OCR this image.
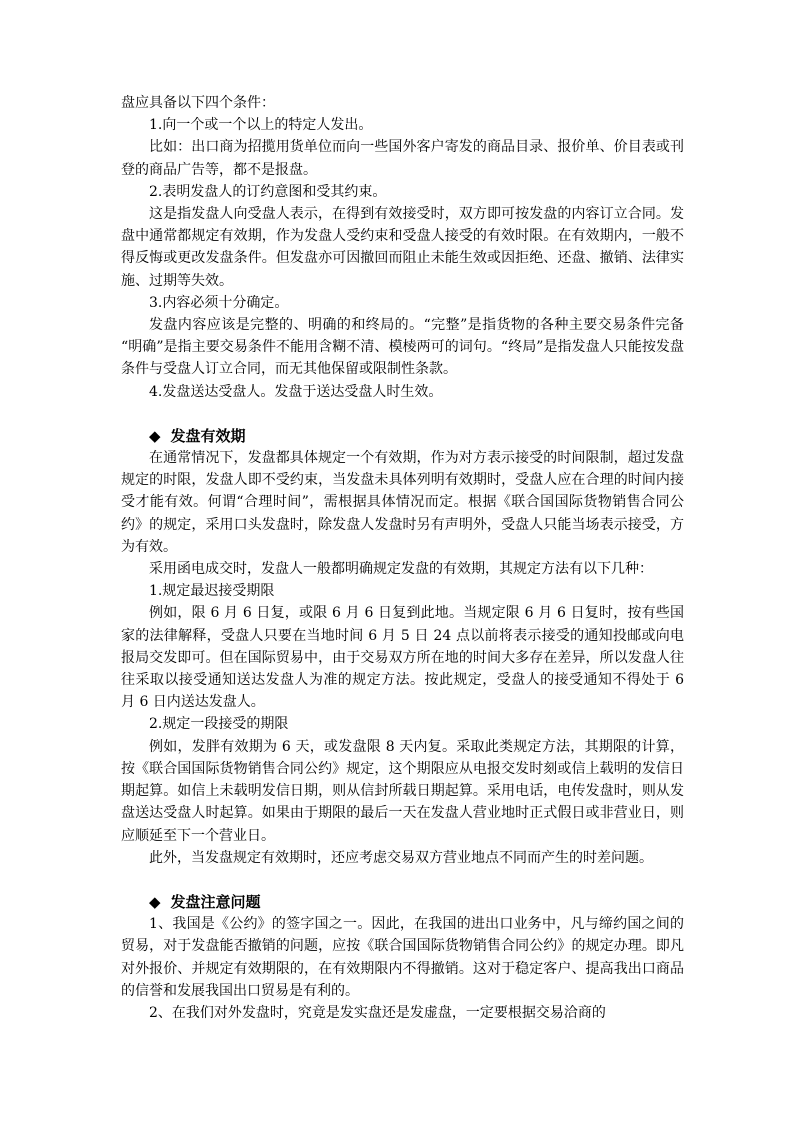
盘应具备以下四个条件：

1.向一个或一个以上的特定人发出。

比如：出口商为招揽用货单位而向一些国外客户寄发的商品目录、报价单、价目表或刊登的商品广告等，都不是报盘。

2.表明发盘人的订约意图和受其约束。

这是指发盘人向受盘人表示，在得到有效接受时，双方即可按发盘的内容订立合同。发盘中通常都规定有效期，作为发盘人受约束和受盘人接受的有效时限。在有效期内，一般不得反悔或更改发盘条件。但发盘亦可因撤回而阻止未能生效或因拒绝、还盘、撤销、法律实施、过期等失效。

3.内容必须十分确定。

发盘内容应该是完整的、明确的和终局的。“完整”是指货物的各种主要交易条件完备 “明确”是指主要交易条件不能用含糊不清、模棱两可的词句。“终局”是指发盘人只能按发盘条件与受盘人订立合同，而无其他保留或限制性条款。

4.发盘送达受盘人。发盘于送达受盘人时生效。

◆ 发盘有效期

在通常情况下，发盘都具体规定一个有效期，作为对方表示接受的时间限制，超过发盘规定的时限，发盘人即不受约束，当发盘未具体列明有效期时，受盘人应在合理的时间内接受才能有效。何谓“合理时间”，需根据具体情况而定。根据《联合国国际货物销售合同公约》的规定，采用口头发盘时，除发盘人发盘时另有声明外，受盘人只能当场表示接受，方为有效。

采用函电成交时，发盘人一般都明确规定发盘的有效期，其规定方法有以下几种：

1.规定最迟接受期限

例如，限 6 月 6 日复，或限 6 月 6 日复到此地。当规定限 6 月 6 日复时，按有些国家的法律解释，受盘人只要在当地时间 6 月 5 日 24 点以前将表示接受的通知投邮或向电报局交发即可。但在国际贸易中，由于交易双方所在地的时间大多存在差异，所以发盘人往往采取以接受通知送达发盘人为准的规定方法。按此规定，受盘人的接受通知不得处于 6 月 6 日内送达发盘人。

2.规定一段接受的期限

例如，发胖有效期为 6 天，或发盘限 8 天内复。采取此类规定方法，其期限的计算，按《联合国国际货物销售合同公约》规定，这个期限应从电报交发时刻或信上载明的发信日期起算。如信上未载明发信日期，则从信封所载日期起算。采用电话，电传发盘时，则从发盘送达受盘人时起算。如果由于期限的最后一天在发盘人营业地时正式假日或非营业日，则应顺延至下一个营业日。

此外，当发盘规定有效期时，还应考虑交易双方营业地点不同而产生的时差问题。

◆ 发盘注意问题

1、我国是《公约》的签字国之一。因此，在我国的进出口业务中，凡与缔约国之间的贸易，对于发盘能否撤销的问题，应按《联合国国际货物销售合同公约》的规定办理。即凡对外报价、并规定有效期限的，在有效期限内不得撤销。这对于稳定客户、提高我出口商品的信誉和发展我国出口贸易是有利的。

2、在我们对外发盘时，究竟是发实盘还是发虚盘，一定要根据交易洽商的
